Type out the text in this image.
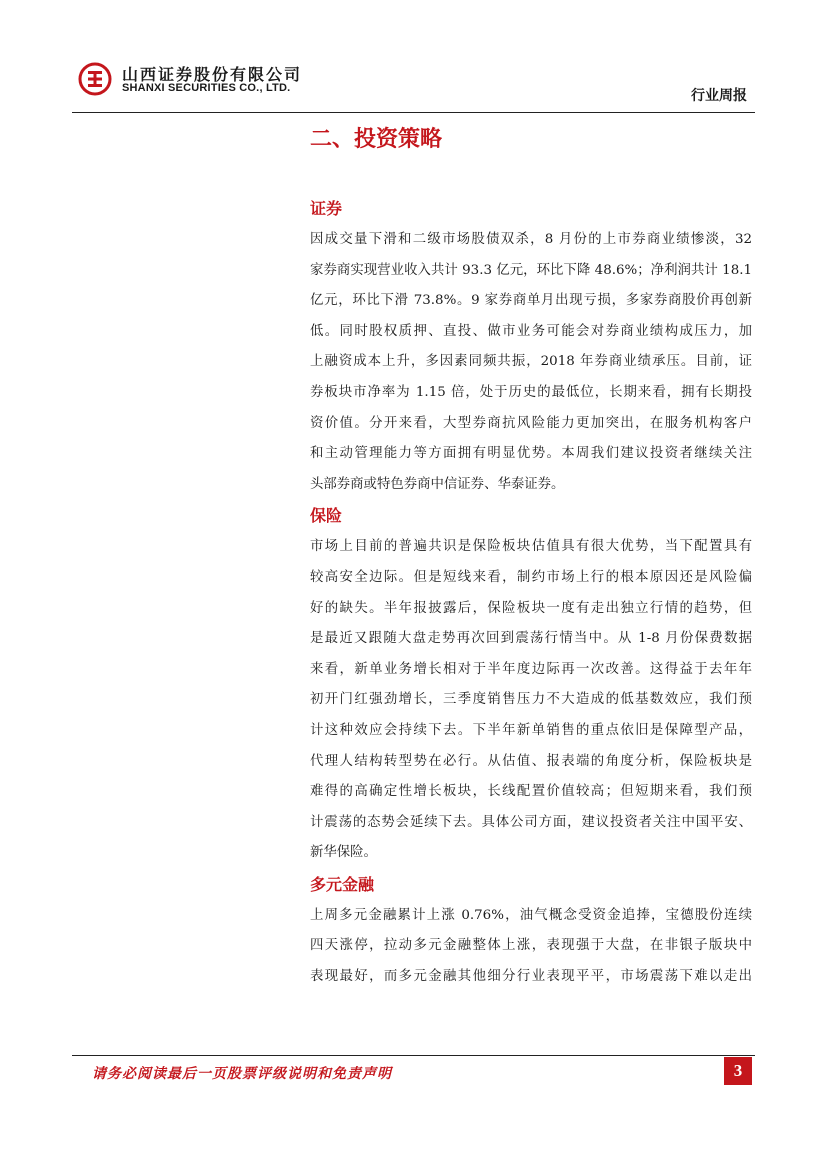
山西证券股份有限公司
SHANXI SECURITIES CO., LTD.	行业周报
二、投资策略
证券

因成交量下滑和二级市场股债双杀，8 月份的上市券商业绩惨淡，32
家券商实现营业收入共计 93.3 亿元，环比下降 48.6%；净利润共计 18.1
亿元，环比下滑 73.8%。9 家券商单月出现亏损，多家券商股价再创新
低。同时股权质押、直投、做市业务可能会对券商业绩构成压力，加
上融资成本上升，多因素同频共振，2018 年券商业绩承压。目前，证
券板块市净率为 1.15 倍，处于历史的最低位，长期来看，拥有长期投
资价值。分开来看，大型券商抗风险能力更加突出，在服务机构客户
和主动管理能力等方面拥有明显优势。本周我们建议投资者继续关注
头部券商或特色券商中信证券、华泰证券。

保险

市场上目前的普遍共识是保险板块估值具有很大优势，当下配置具有
较高安全边际。但是短线来看，制约市场上行的根本原因还是风险偏
好的缺失。半年报披露后，保险板块一度有走出独立行情的趋势，但
是最近又跟随大盘走势再次回到震荡行情当中。从 1-8 月份保费数据
来看，新单业务增长相对于半年度边际再一次改善。这得益于去年年
初开门红强劲增长，三季度销售压力不大造成的低基数效应，我们预
计这种效应会持续下去。下半年新单销售的重点依旧是保障型产品，
代理人结构转型势在必行。从估值、报表端的角度分析，保险板块是
难得的高确定性增长板块，长线配置价值较高；但短期来看，我们预
计震荡的态势会延续下去。具体公司方面，建议投资者关注中国平安、
新华保险。

多元金融

上周多元金融累计上涨 0.76%，油气概念受资金追捧，宝德股份连续
四天涨停，拉动多元金融整体上涨，表现强于大盘，在非银子版块中
表现最好，而多元金融其他细分行业表现平平，市场震荡下难以走出

请务必阅读最后一页股票评级说明和免责声明	3
